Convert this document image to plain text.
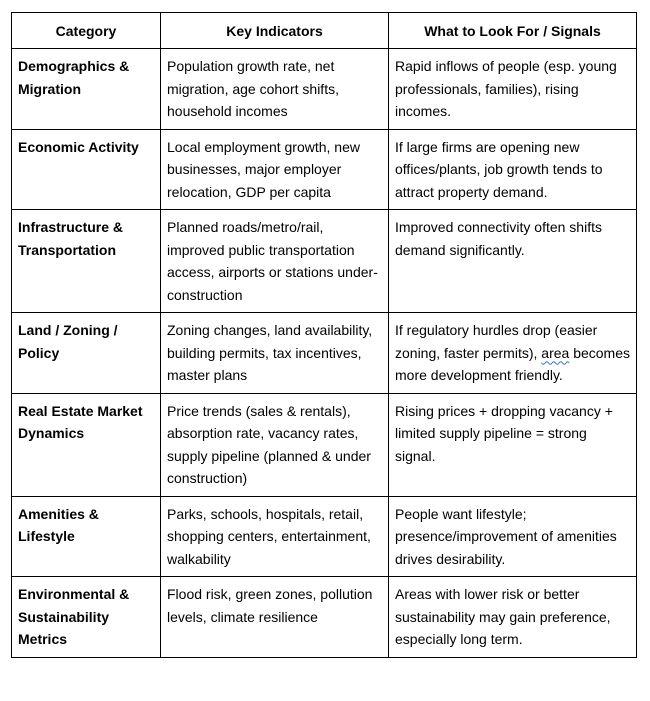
Category	Key Indicators	What to Look For / Signals
Demographics & Migration	Population growth rate, net migration, age cohort shifts, household incomes	Rapid inflows of people (esp. young professionals, families), rising incomes.
Economic Activity	Local employment growth, new businesses, major employer relocation, GDP per capita	If large firms are opening new offices/plants, job growth tends to attract property demand.
Infrastructure & Transportation	Planned roads/metro/rail, improved public transportation access, airports or stations under-construction	Improved connectivity often shifts demand significantly.
Land / Zoning / Policy	Zoning changes, land availability, building permits, tax incentives, master plans	If regulatory hurdles drop (easier zoning, faster permits), area becomes more development friendly.
Real Estate Market Dynamics	Price trends (sales & rentals), absorption rate, vacancy rates, supply pipeline (planned & under construction)	Rising prices + dropping vacancy + limited supply pipeline = strong signal.
Amenities & Lifestyle	Parks, schools, hospitals, retail, shopping centers, entertainment, walkability	People want lifestyle; presence/improvement of amenities drives desirability.
Environmental & Sustainability Metrics	Flood risk, green zones, pollution levels, climate resilience	Areas with lower risk or better sustainability may gain preference, especially long term.
